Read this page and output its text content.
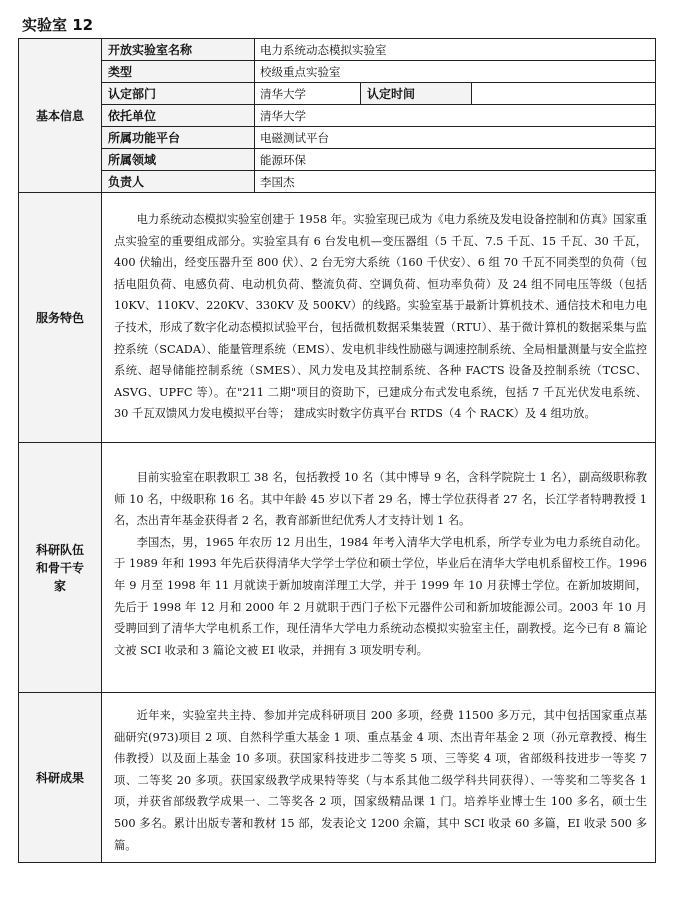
实验室 12
基本信息	开放实验室名称	电力系统动态模拟实验室		
	类型	校级重点实验室		
	认定部门	清华大学	认定时间	
	依托单位	清华大学		
	所属功能平台	电磁测试平台		
	所属领域	能源环保		
	负责人	李国杰		
服务特色	电力系统动态模拟实验室创建于 1958 年。实验室现已成为《电力系统及发电设备控制和仿真》国家重点实验室的重要组成部分。实验室具有 6 台发电机—变压器组（5 千瓦、7.5 千瓦、15 千瓦、30 千瓦，400 伏输出，经变压器升至 800 伏）、2 台无穷大系统（160 千伏安）、6 组 70 千瓦不同类型的负荷（包括电阻负荷、电感负荷、电动机负荷、整流负荷、空调负荷、恒功率负荷）及 24 组不同电压等级（包括 10KV、110KV、220KV、330KV 及 500KV）的线路。实验室基于最新计算机技术、通信技术和电力电子技术，形成了数字化动态模拟试验平台，包括微机数据采集装置（RTU）、基于微计算机的数据采集与监控系统（SCADA）、能量管理系统（EMS）、发电机非线性励磁与调速控制系统、全局相量测量与安全监控系统、超导储能控制系统（SMES）、风力发电及其控制系统、各种 FACTS 设备及控制系统（TCSC、ASVG、UPFC 等）。在"211 二期"项目的资助下，已建成分布式发电系统，包括 7 千瓦光伏发电系统、30 千瓦双馈风力发电模拟平台等； 建成实时数字仿真平台 RTDS（4 个 RACK）及 4 组功放。			

科研队伍和骨干专家	目前实验室在职教职工 38 名，包括教授 10 名（其中博导 9 名，含科学院院士 1 名），副高级职称教师 10 名，中级职称 16 名。其中年龄 45 岁以下者 29 名，博士学位获得者 27 名，长江学者特聘教授 1 名，杰出青年基金获得者 2 名，教育部新世纪优秀人才支持计划 1 名。

李国杰，男，1965 年农历 12 月出生，1984 年考入清华大学电机系，所学专业为电力系统自动化。于 1989 年和 1993 年先后获得清华大学学士学位和硕士学位，毕业后在清华大学电机系留校工作。1996 年 9 月至 1998 年 11 月就读于新加坡南洋理工大学，并于 1999 年 10 月获博士学位。在新加坡期间，先后于 1998 年 12 月和 2000 年 2 月就职于西门子松下元器件公司和新加坡能源公司。2003 年 10 月受聘回到了清华大学电机系工作，现任清华大学电力系统动态模拟实验室主任，副教授。迄今已有 8 篇论文被 SCI 收录和 3 篇论文被 EI 收录，并拥有 3 项发明专利。			

科研成果	近年来，实验室共主持、参加并完成科研项目 200 多项，经费 11500 多万元，其中包括国家重点基础研究(973)项目 2 项、自然科学重大基金 1 项、重点基金 4 项、杰出青年基金 2 项（孙元章教授、梅生伟教授）以及面上基金 10 多项。获国家科技进步二等奖 5 项、三等奖 4 项，省部级科技进步一等奖 7 项、二等奖 20 多项。获国家级教学成果特等奖（与本系其他二级学科共同获得）、一等奖和二等奖各 1 项，并获省部级教学成果一、二等奖各 2 项，国家级精品课 1 门。培养毕业博士生 100 多名，硕士生 500 多名。累计出版专著和教材 15 部，发表论文 1200 余篇，其中 SCI 收录 60 多篇，EI 收录 500 多篇。			
